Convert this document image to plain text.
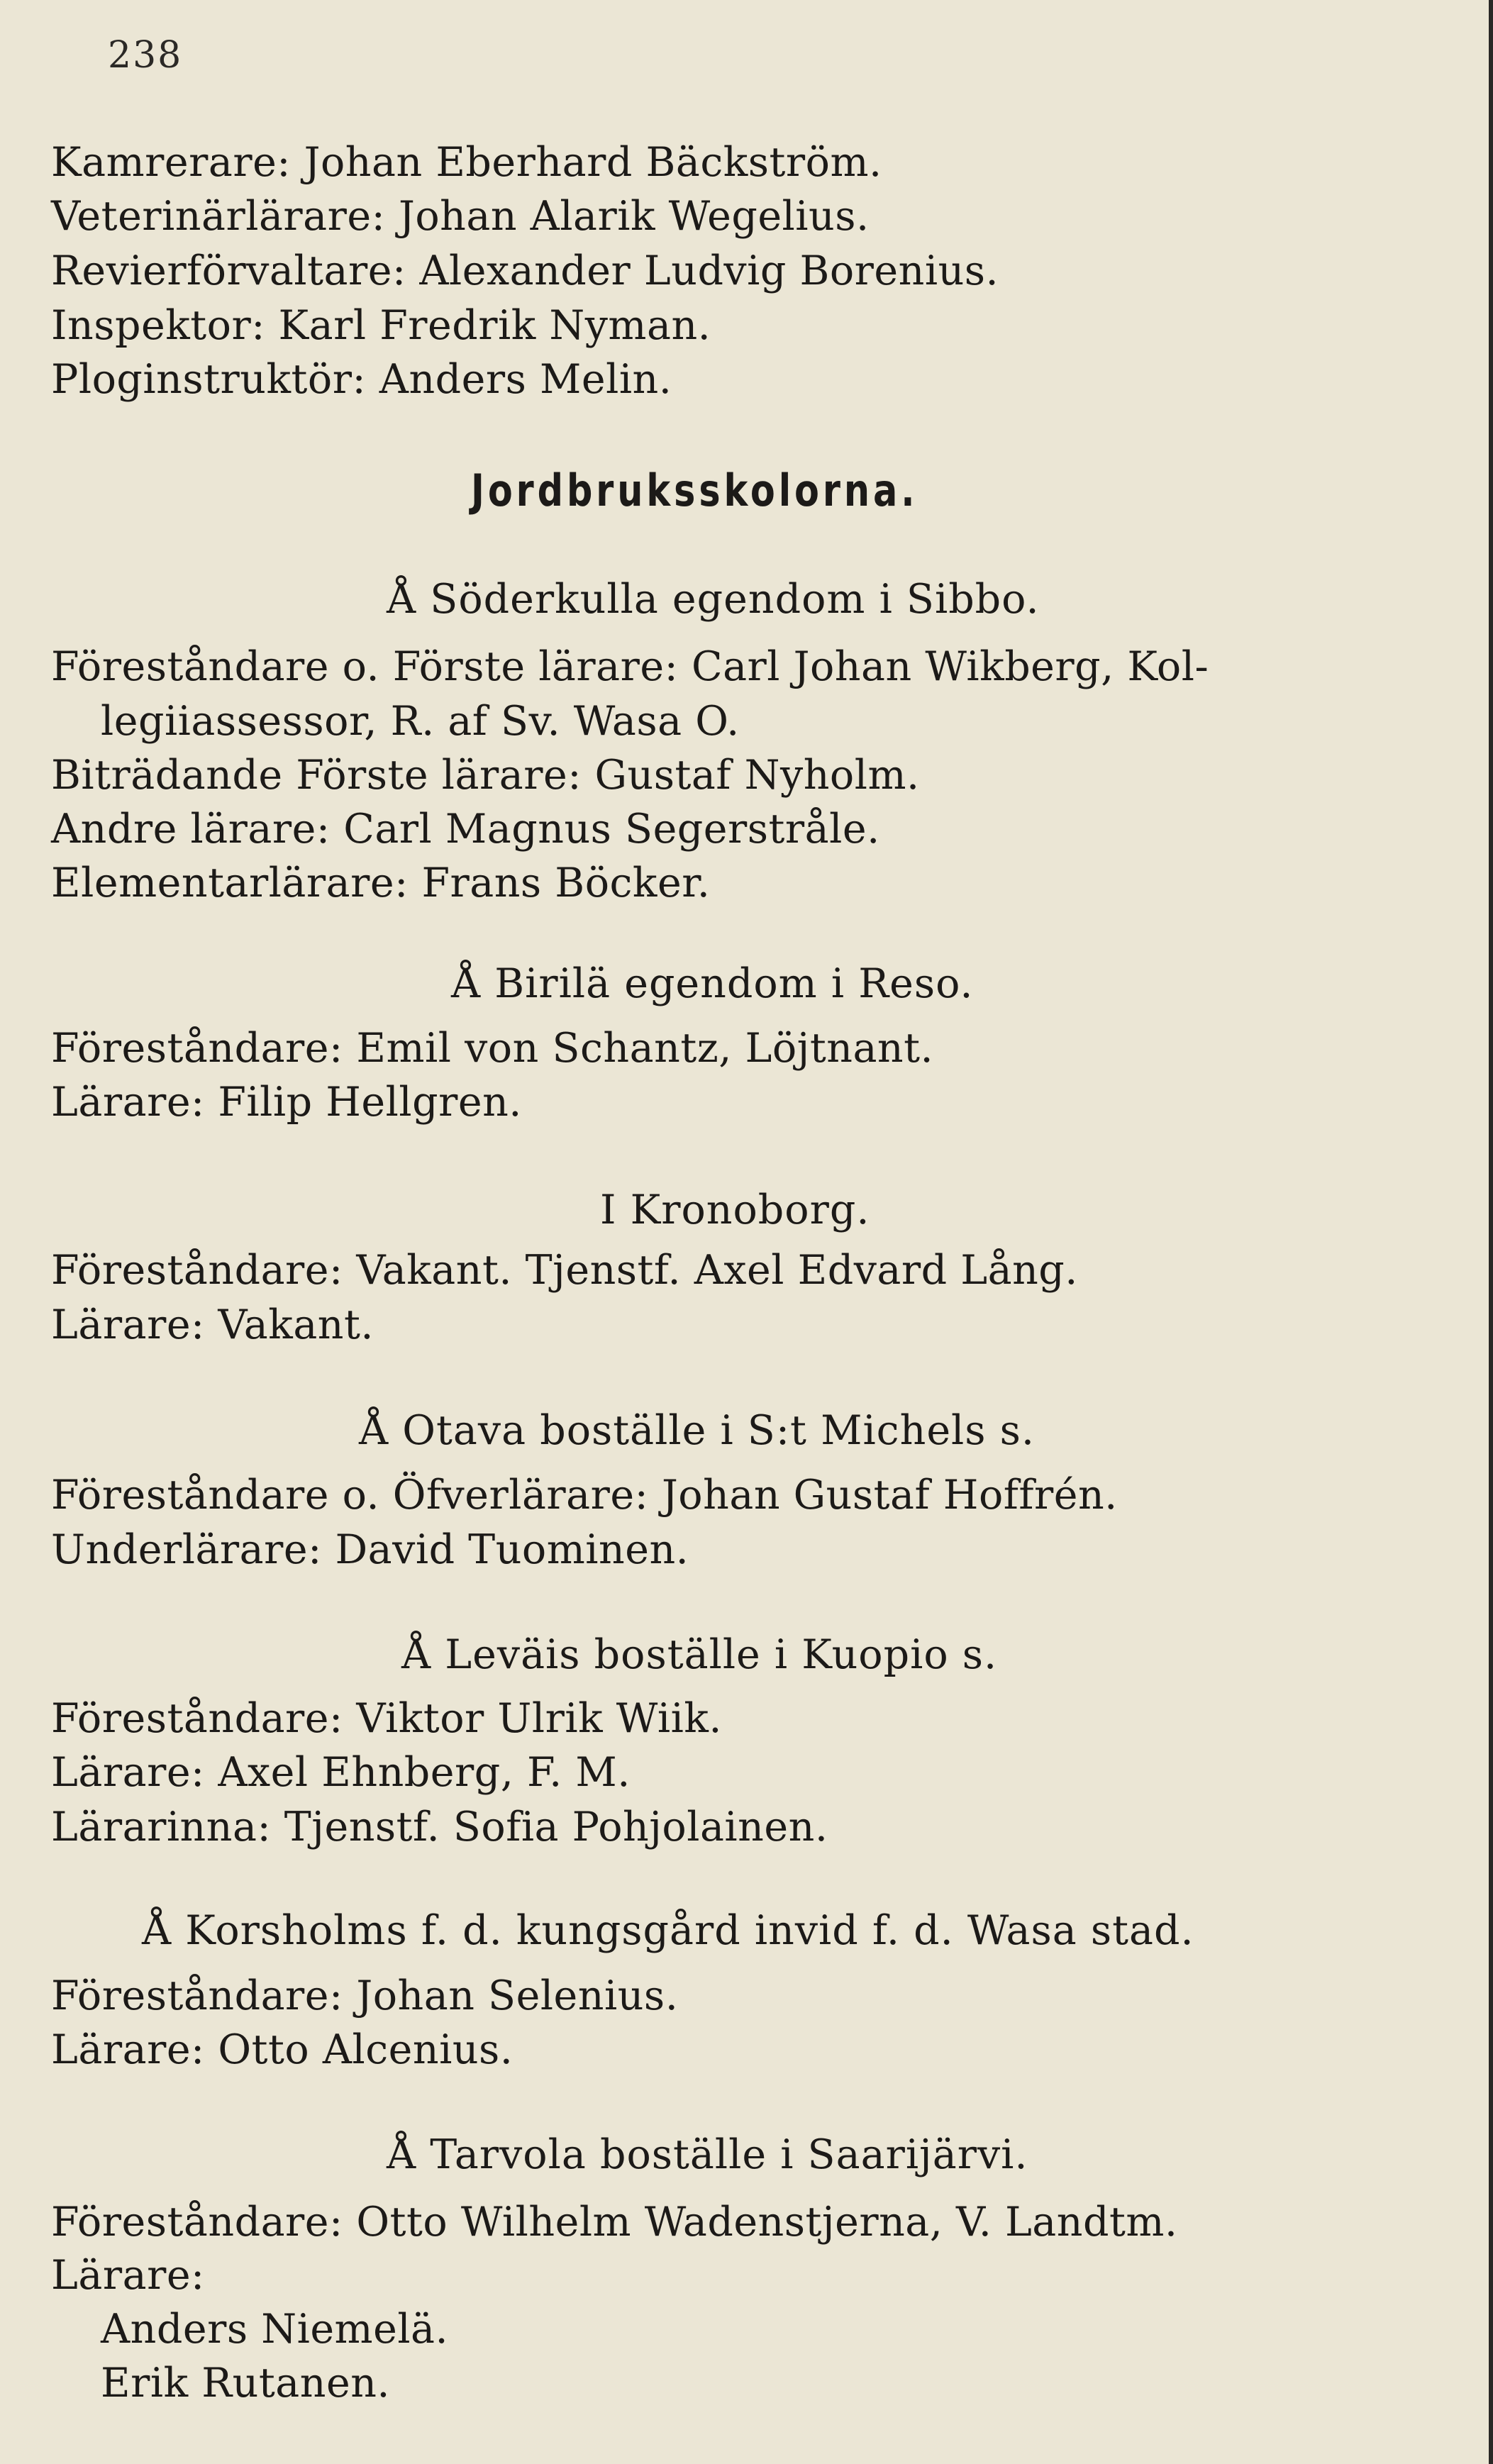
238
Kamrerare: Johan Eberhard Bäckström.
Veterinärlärare: Johan Alarik Wegelius.
Revierförvaltare: Alexander Ludvig Borenius.
Inspektor: Karl Fredrik Nyman.
Ploginstruktör: Anders Melin.
Jordbruksskolorna.
Å Söderkulla egendom i Sibbo.
Föreståndare o. Förste lärare: Carl Johan Wikberg, Kol-
legiiassessor, R. af Sv. Wasa O.
Biträdande Förste lärare: Gustaf Nyholm.
Andre lärare: Carl Magnus Segerstråle.
Elementarlärare: Frans Böcker.
Å Birilä egendom i Reso.
Föreståndare: Emil von Schantz, Löjtnant.
Lärare: Filip Hellgren.
I Kronoborg.
Föreståndare: Vakant. Tjenstf. Axel Edvard Lång.
Lärare: Vakant.
Å Otava boställe i S:t Michels s.
Föreståndare o. Öfverlärare: Johan Gustaf Hoffrén.
Underlärare: David Tuominen.
Å Leväis boställe i Kuopio s.
Föreståndare: Viktor Ulrik Wiik.
Lärare: Axel Ehnberg, F. M.
Lärarinna: Tjenstf. Sofia Pohjolainen.
Å Korsholms f. d. kungsgård invid f. d. Wasa stad.
Föreståndare: Johan Selenius.
Lärare: Otto Alcenius.
Å Tarvola boställe i Saarijärvi.
Föreståndare: Otto Wilhelm Wadenstjerna, V. Landtm.
Lärare:
Anders Niemelä.
Erik Rutanen.
